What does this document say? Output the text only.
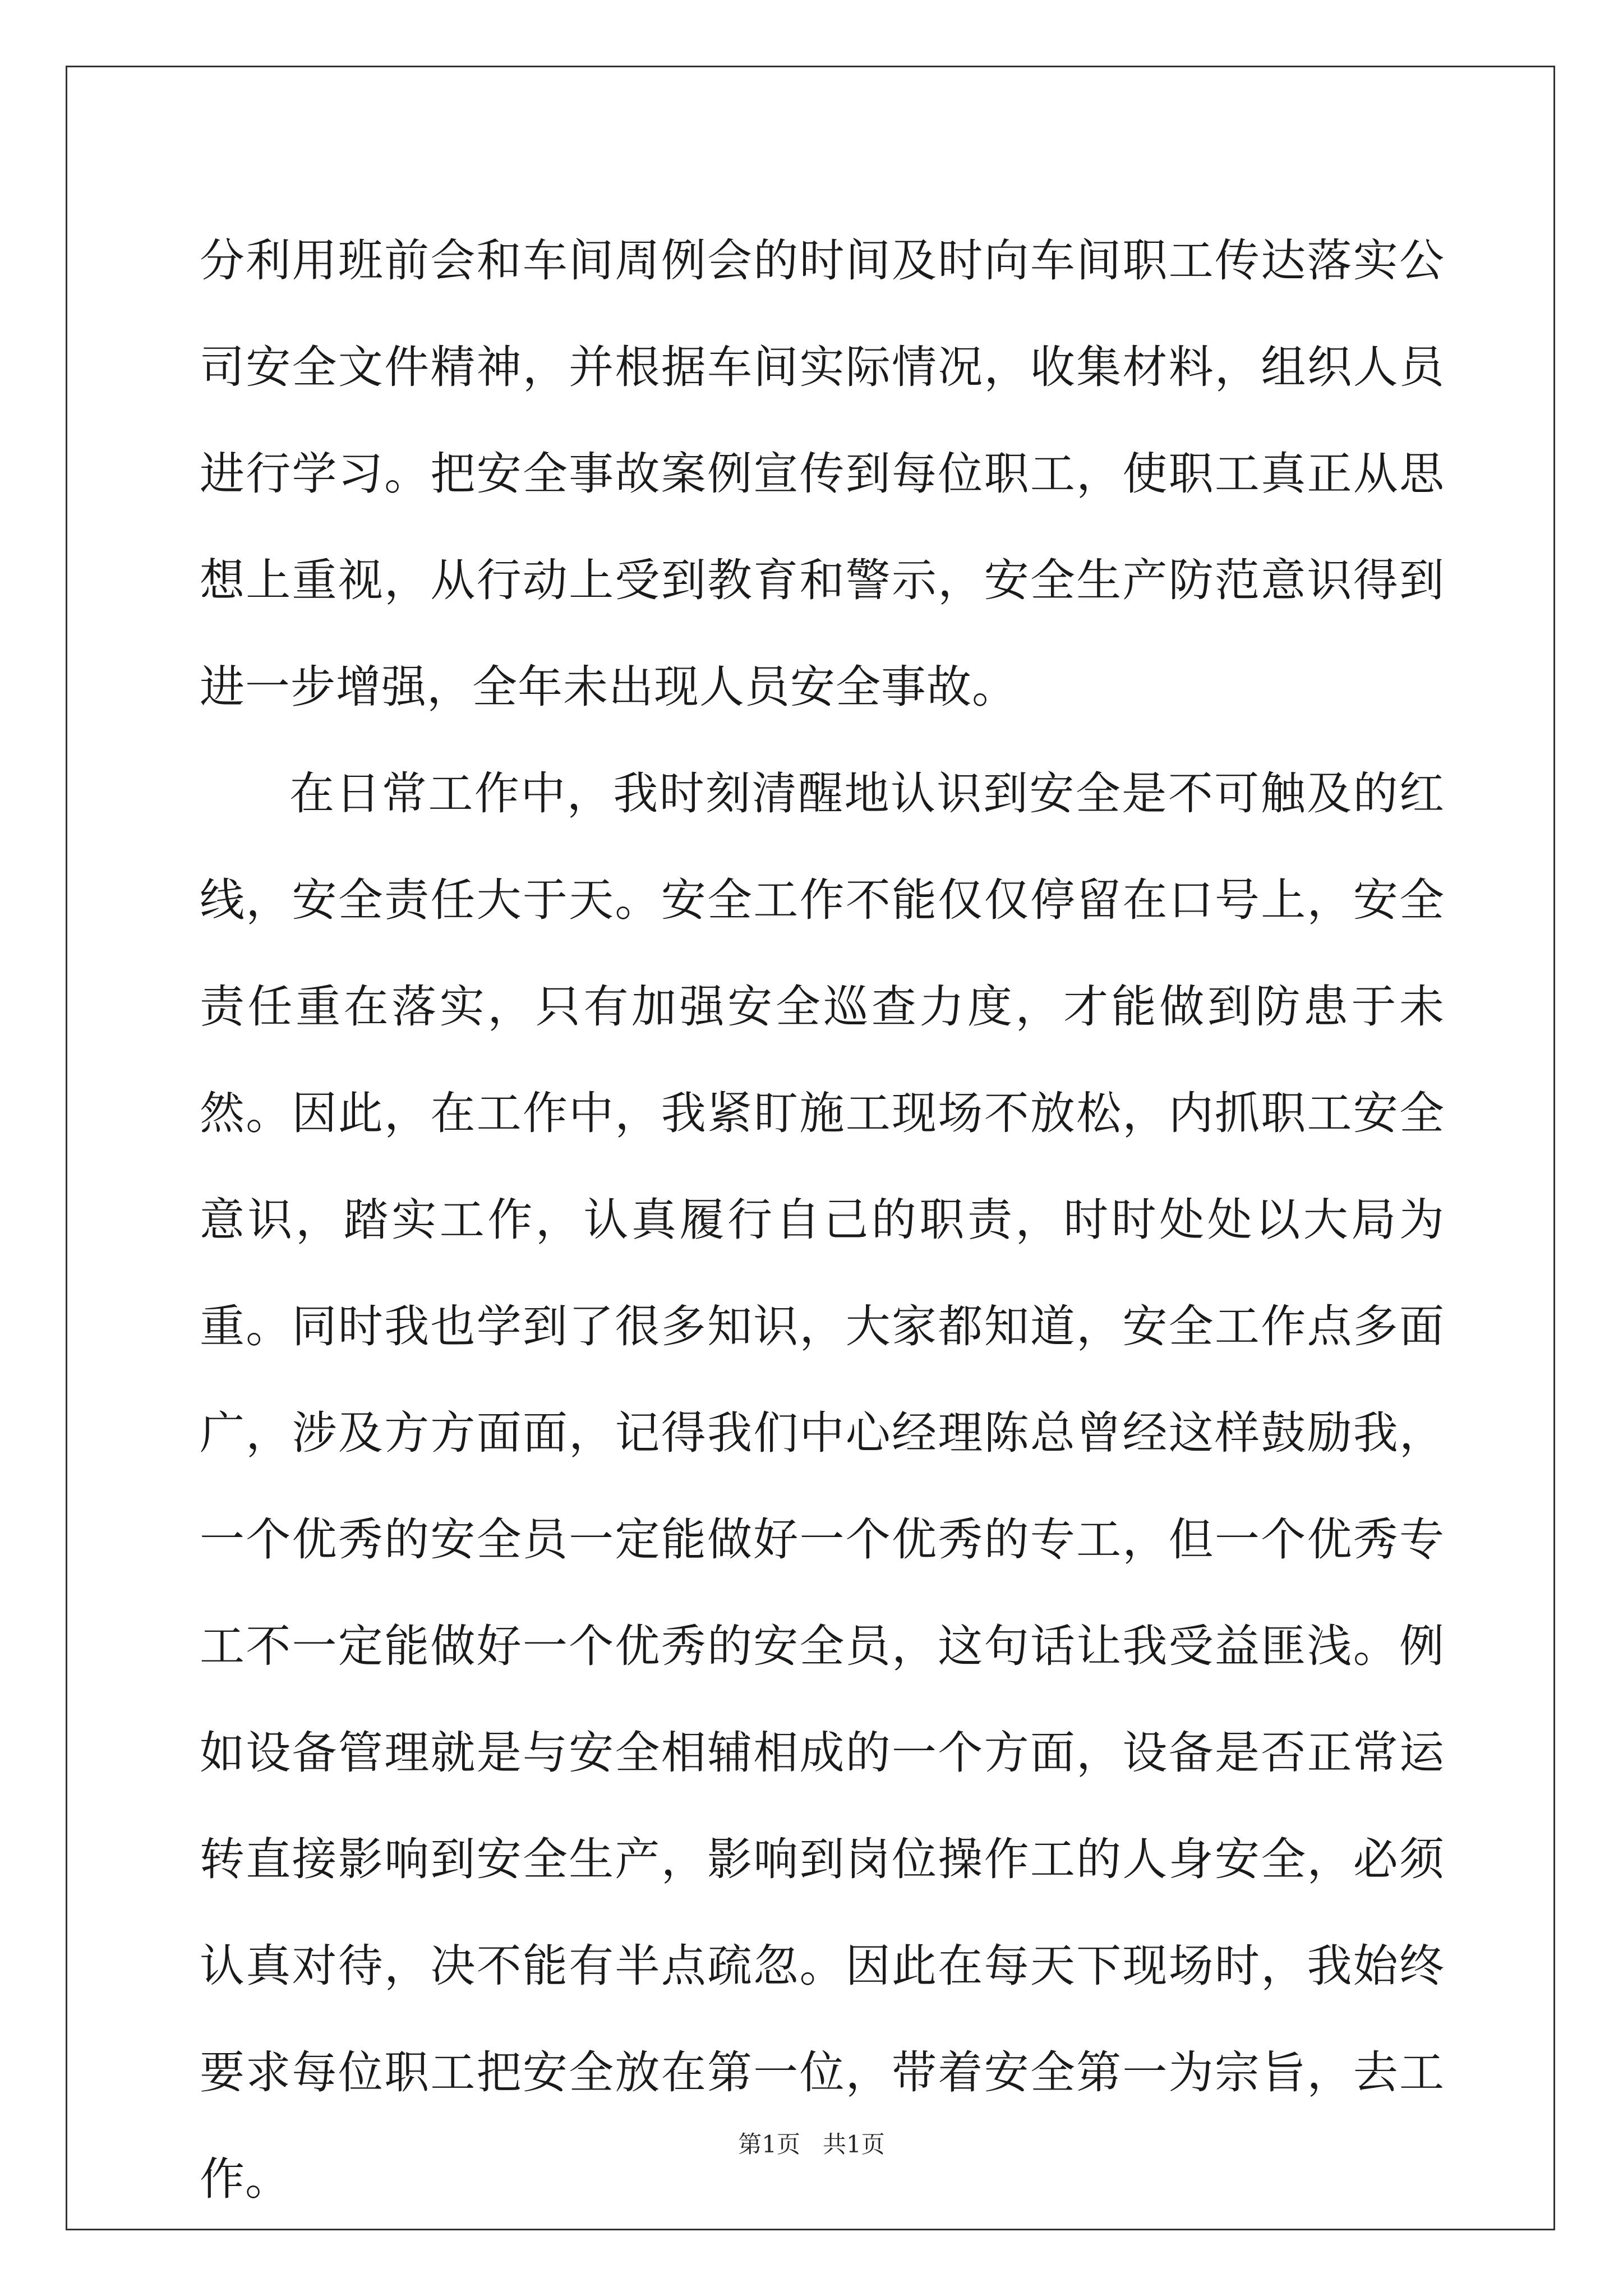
分利用班前会和车间周例会的时间及时向车间职工传达落实公司安全文件精神，并根据车间实际情况，收集材料，组织人员进行学习。把安全事故案例宣传到每位职工，使职工真正从思想上重视，从行动上受到教育和警示，安全生产防范意识得到进一步增强，全年未出现人员安全事故。

在日常工作中，我时刻清醒地认识到安全是不可触及的红线，安全责任大于天。安全工作不能仅仅停留在口号上，安全责任重在落实，只有加强安全巡查力度，才能做到防患于未然。因此，在工作中，我紧盯施工现场不放松，内抓职工安全意识，踏实工作，认真履行自己的职责，时时处处以大局为重。同时我也学到了很多知识，大家都知道，安全工作点多面广，涉及方方面面，记得我们中心经理陈总曾经这样鼓励我，一个优秀的安全员一定能做好一个优秀的专工，但一个优秀专工不一定能做好一个优秀的安全员，这句话让我受益匪浅。例如设备管理就是与安全相辅相成的一个方面，设备是否正常运转直接影响到安全生产，影响到岗位操作工的人身安全，必须认真对待，决不能有半点疏忽。因此在每天下现场时，我始终要求每位职工把安全放在第一位，带着安全第一为宗旨，去工作。

第1页   共1页
